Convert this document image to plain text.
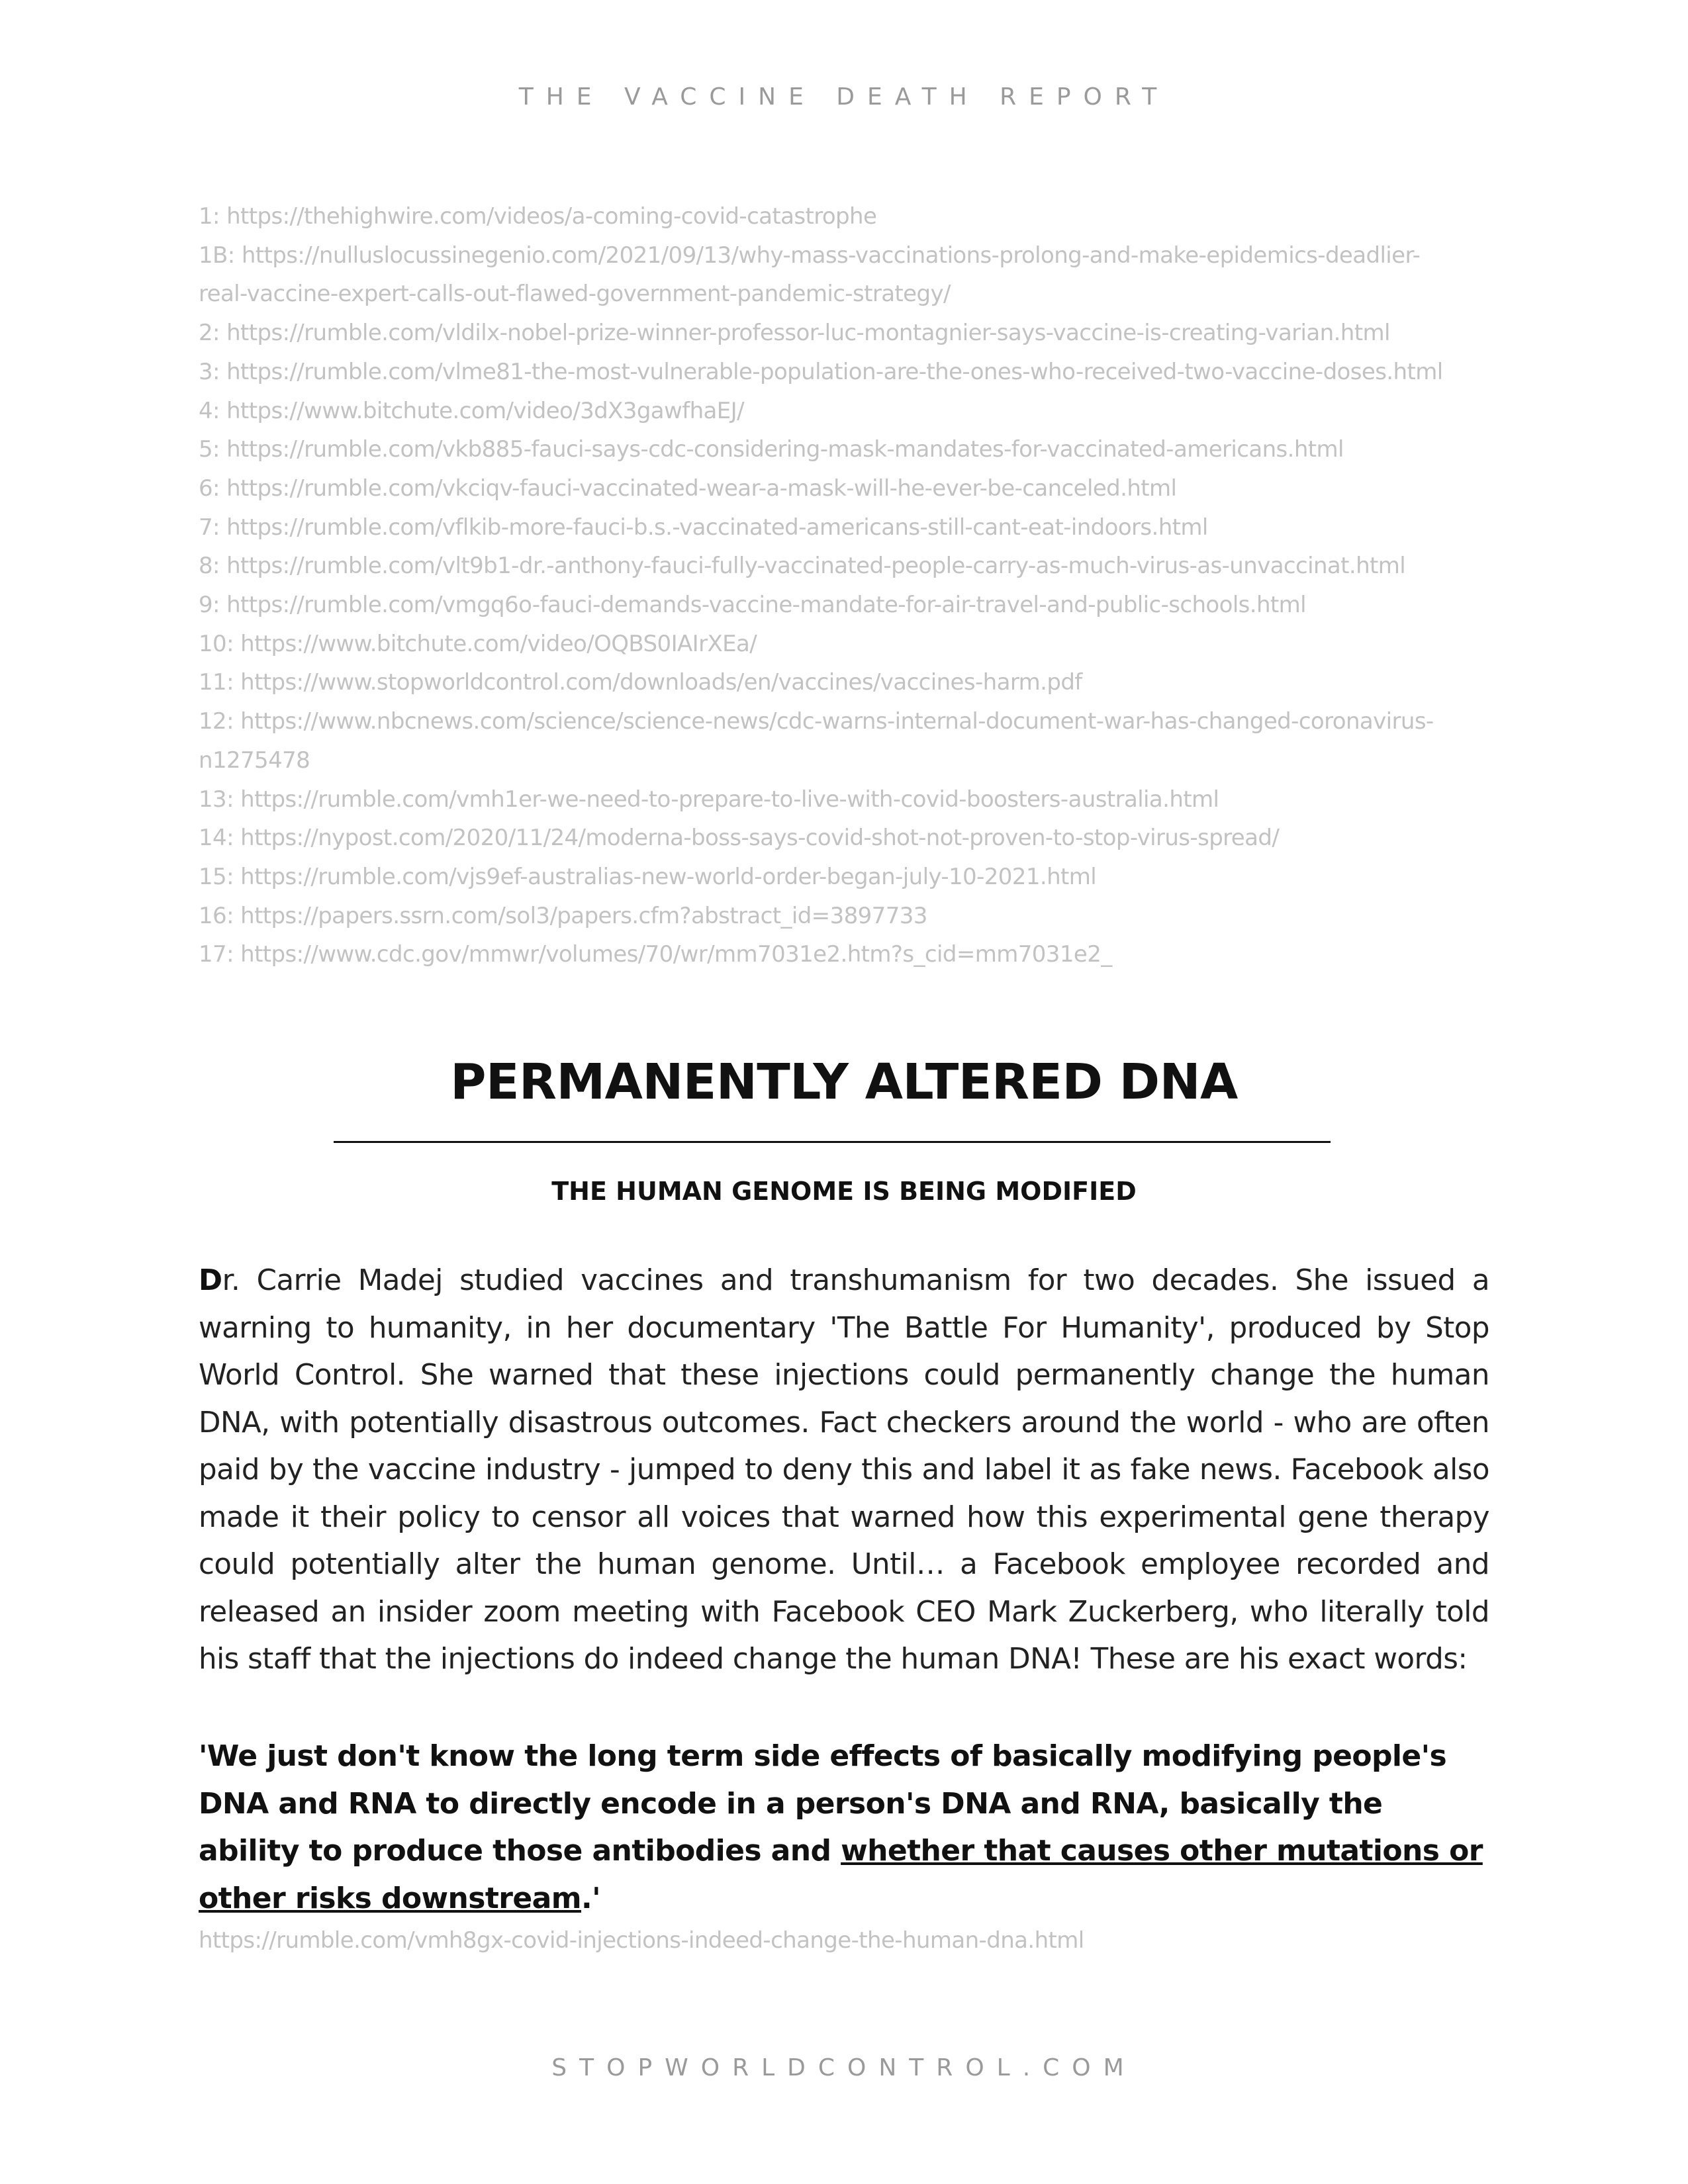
THE VACCINE DEATH REPORT
1: https://thehighwire.com/videos/a-coming-covid-catastrophe
1B: https://nulluslocussinegenio.com/2021/09/13/why-mass-vaccinations-prolong-and-make-epidemics-deadlier-
real-vaccine-expert-calls-out-flawed-government-pandemic-strategy/
2: https://rumble.com/vldilx-nobel-prize-winner-professor-luc-montagnier-says-vaccine-is-creating-varian.html
3: https://rumble.com/vlme81-the-most-vulnerable-population-are-the-ones-who-received-two-vaccine-doses.html
4: https://www.bitchute.com/video/3dX3gawfhaEJ/
5: https://rumble.com/vkb885-fauci-says-cdc-considering-mask-mandates-for-vaccinated-americans.html
6: https://rumble.com/vkciqv-fauci-vaccinated-wear-a-mask-will-he-ever-be-canceled.html
7: https://rumble.com/vflkib-more-fauci-b.s.-vaccinated-americans-still-cant-eat-indoors.html
8: https://rumble.com/vlt9b1-dr.-anthony-fauci-fully-vaccinated-people-carry-as-much-virus-as-unvaccinat.html
9: https://rumble.com/vmgq6o-fauci-demands-vaccine-mandate-for-air-travel-and-public-schools.html
10: https://www.bitchute.com/video/OQBS0IAIrXEa/
11: https://www.stopworldcontrol.com/downloads/en/vaccines/vaccines-harm.pdf
12: https://www.nbcnews.com/science/science-news/cdc-warns-internal-document-war-has-changed-coronavirus-
n1275478
13: https://rumble.com/vmh1er-we-need-to-prepare-to-live-with-covid-boosters-australia.html
14: https://nypost.com/2020/11/24/moderna-boss-says-covid-shot-not-proven-to-stop-virus-spread/
15: https://rumble.com/vjs9ef-australias-new-world-order-began-july-10-2021.html
16: https://papers.ssrn.com/sol3/papers.cfm?abstract_id=3897733
17: https://www.cdc.gov/mmwr/volumes/70/wr/mm7031e2.htm?s_cid=mm7031e2_
PERMANENTLY ALTERED DNA
THE HUMAN GENOME IS BEING MODIFIED
Dr. Carrie Madej studied vaccines and transhumanism for two decades. She issued a warning to humanity, in her documentary 'The Battle For Humanity', produced by Stop World Control. She warned that these injections could permanently change the human DNA, with potentially disastrous outcomes. Fact checkers around the world - who are often paid by the vaccine industry - jumped to deny this and label it as fake news. Facebook also made it their policy to censor all voices that warned how this experimental gene therapy could potentially alter the human genome. Until… a Facebook employee recorded and released an insider zoom meeting with Facebook CEO Mark Zuckerberg, who literally told his staff that the injections do indeed change the human DNA! These are his exact words:
'We just don't know the long term side effects of basically modifying people's DNA and RNA to directly encode in a person's DNA and RNA, basically the ability to produce those antibodies and whether that causes other mutations or other risks downstream.'
https://rumble.com/vmh8gx-covid-injections-indeed-change-the-human-dna.html
STOPWORLDCONTROL.COM
